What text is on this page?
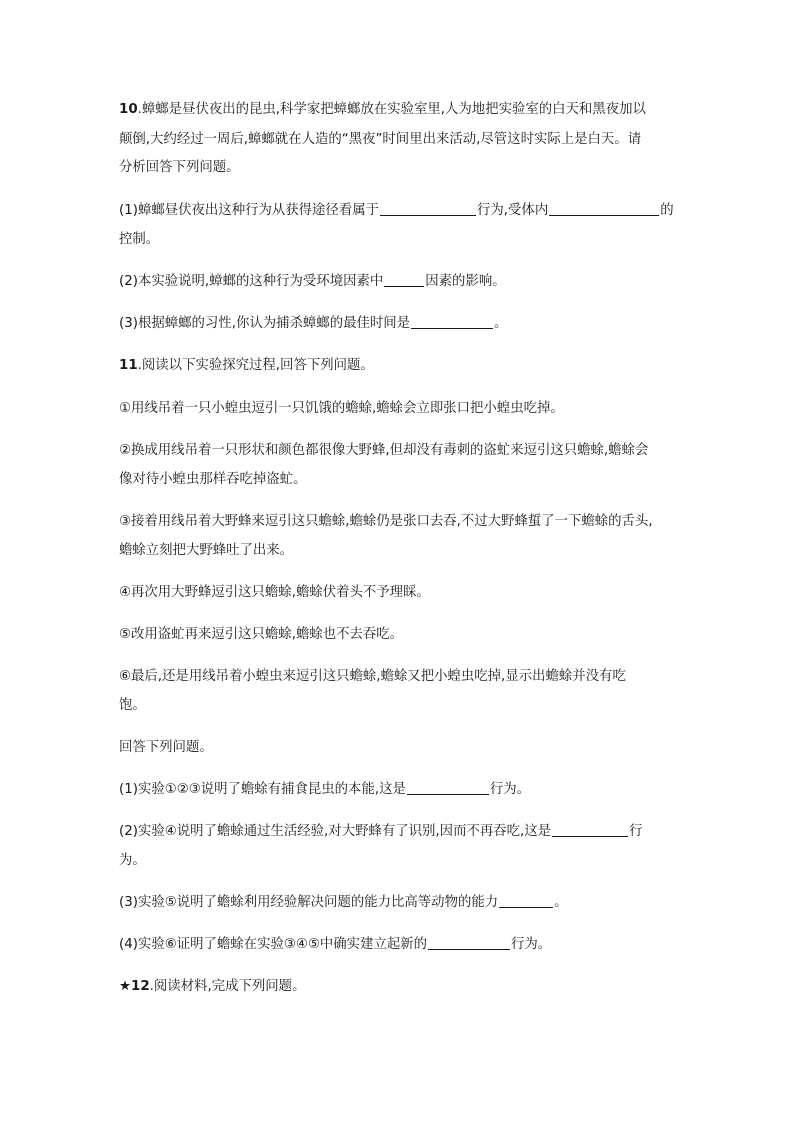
10.蟑螂是昼伏夜出的昆虫,科学家把蟑螂放在实验室里,人为地把实验室的白天和黑夜加以
颠倒,大约经过一周后,蟑螂就在人造的“黑夜”时间里出来活动,尽管这时实际上是白天。请
分析回答下列问题。
(1)蟑螂昼伏夜出这种行为从获得途径看属于	行为,受体内	的
控制。
(2)本实验说明,蟑螂的这种行为受环境因素中	因素的影响。
(3)根据蟑螂的习性,你认为捕杀蟑螂的最佳时间是	。
11.阅读以下实验探究过程,回答下列问题。
①用线吊着一只小蝗虫逗引一只饥饿的蟾蜍,蟾蜍会立即张口把小蝗虫吃掉。
②换成用线吊着一只形状和颜色都很像大野蜂,但却没有毒刺的盗虻来逗引这只蟾蜍,蟾蜍会
像对待小蝗虫那样吞吃掉盗虻。
③接着用线吊着大野蜂来逗引这只蟾蜍,蟾蜍仍是张口去吞,不过大野蜂蜇了一下蟾蜍的舌头,
蟾蜍立刻把大野蜂吐了出来。
④再次用大野蜂逗引这只蟾蜍,蟾蜍伏着头不予理睬。
⑤改用盗虻再来逗引这只蟾蜍,蟾蜍也不去吞吃。
⑥最后,还是用线吊着小蝗虫来逗引这只蟾蜍,蟾蜍又把小蝗虫吃掉,显示出蟾蜍并没有吃
饱。
回答下列问题。
(1)实验①②③说明了蟾蜍有捕食昆虫的本能,这是	行为。
(2)实验④说明了蟾蜍通过生活经验,对大野蜂有了识别,因而不再吞吃,这是	行
为。
(3)实验⑤说明了蟾蜍利用经验解决问题的能力比高等动物的能力	。
(4)实验⑥证明了蟾蜍在实验③④⑤中确实建立起新的	行为。
★12.阅读材料,完成下列问题。
